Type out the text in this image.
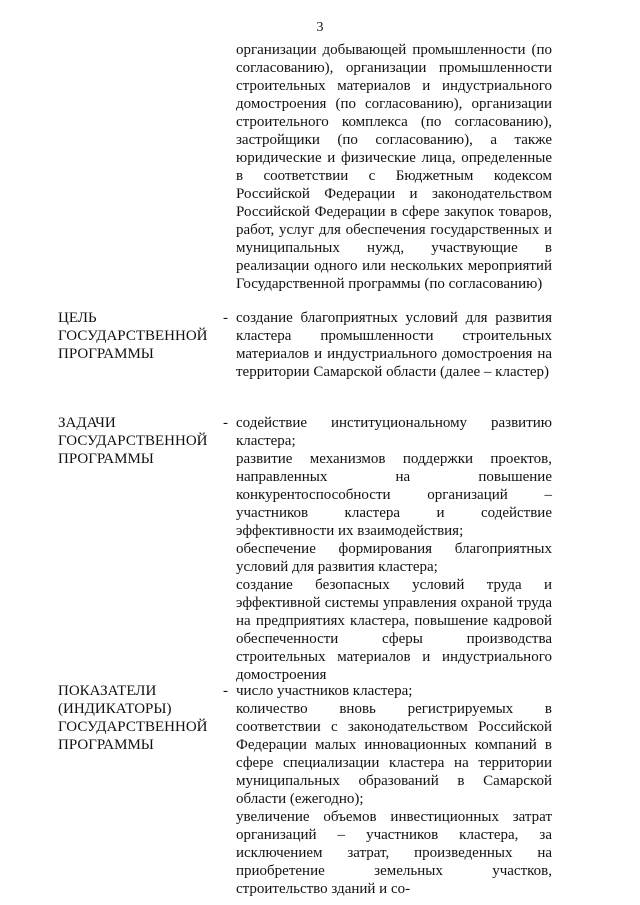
3
организации добывающей промышленности (по согласованию), организации промышленности строительных материалов и индустриального домостроения (по согласованию), организации строительного комплекса (по согласованию), застройщики (по согласованию), а также юридические и физические лица, определенные в соответствии с Бюджетным кодексом Российской Федерации и законодательством Российской Федерации в сфере закупок товаров, работ, услуг для обеспечения государственных и муниципальных нужд, участвующие в реализации одного или нескольких мероприятий Государственной программы (по согласованию)
ЦЕЛЬ ГОСУДАРСТВЕННОЙ ПРОГРАММЫ
- создание благоприятных условий для развития кластера промышленности строительных материалов и индустриального домостроения на территории Самарской области (далее – кластер)

ЗАДАЧИ ГОСУДАРСТВЕННОЙ ПРОГРАММЫ
- содействие институциональному развитию кластера;

развитие механизмов поддержки проектов, направленных на повышение конкурентоспособности организаций – участников кластера и содействие эффективности их взаимодействия;

обеспечение формирования благоприятных условий для развития кластера;

создание безопасных условий труда и эффективной системы управления охраной труда на предприятиях кластера, повышение кадровой обеспеченности сферы производства строительных материалов и индустриального домостроения

ПОКАЗАТЕЛИ (ИНДИКАТОРЫ) ГОСУДАРСТВЕННОЙ ПРОГРАММЫ
- число участников кластера;

количество вновь регистрируемых в соответствии с законодательством Российской Федерации малых инновационных компаний в сфере специализации кластера на территории муниципальных образований в Самарской области (ежегодно);

увеличение объемов инвестиционных затрат организаций – участников кластера, за исключением затрат, произведенных на приобретение земельных участков, строительство зданий и со-
